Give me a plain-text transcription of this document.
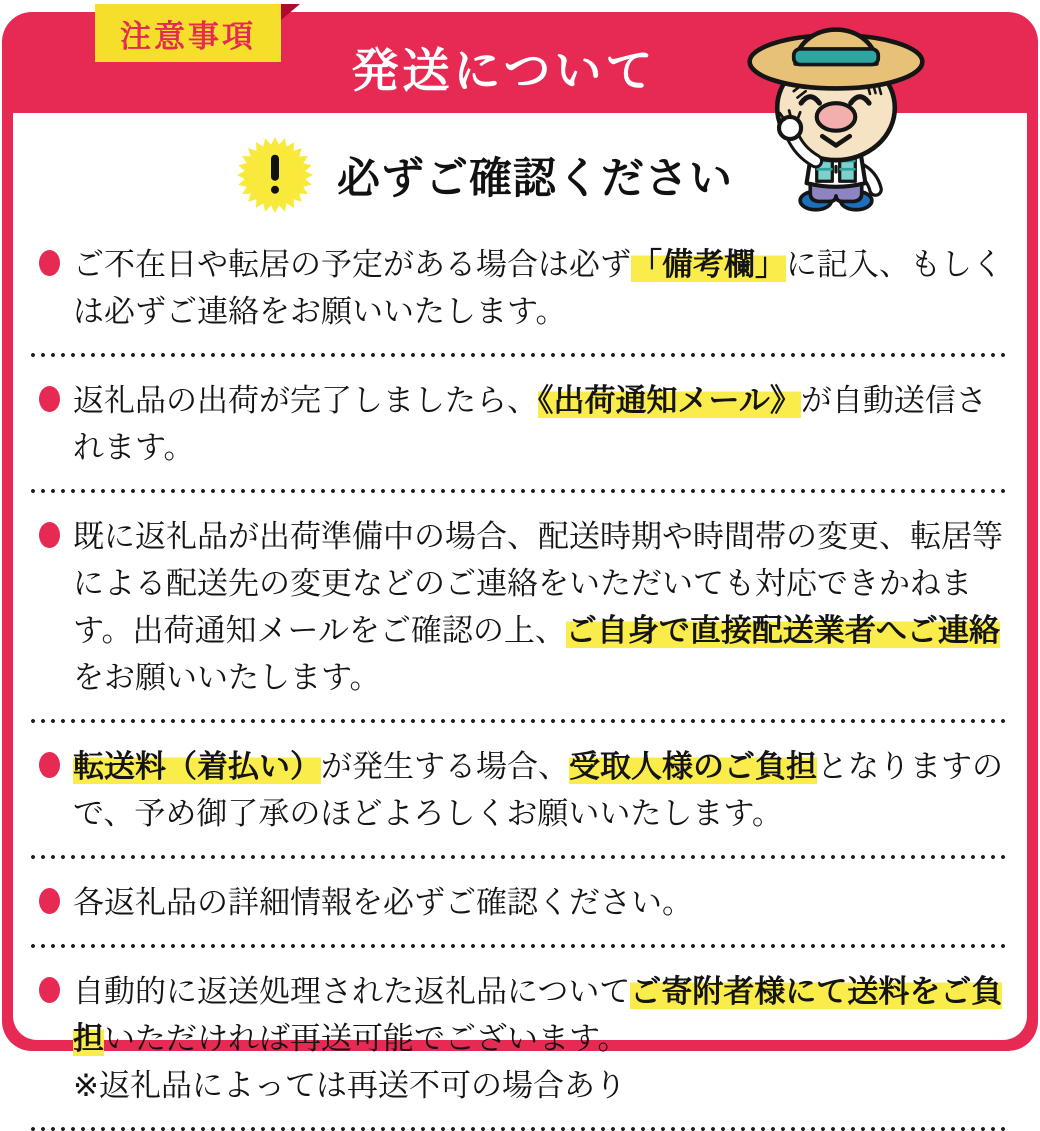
注意事項
発送について
必ずご確認ください
ご不在日や転居の予定がある場合は必ず「備考欄」に記入、もしくは必ずご連絡をお願いいたします。
返礼品の出荷が完了しましたら、《出荷通知メール》が自動送信されます。
既に返礼品が出荷準備中の場合、配送時期や時間帯の変更、転居等による配送先の変更などのご連絡をいただいても対応できかねます。出荷通知メールをご確認の上、ご自身で直接配送業者へご連絡をお願いいたします。
転送料（着払い）が発生する場合、受取人様のご負担となりますので、予め御了承のほどよろしくお願いいたします。
各返礼品の詳細情報を必ずご確認ください。
自動的に返送処理された返礼品についてご寄附者様にて送料をご負担いただければ再送可能でございます。
※返礼品によっては再送不可の場合あり
